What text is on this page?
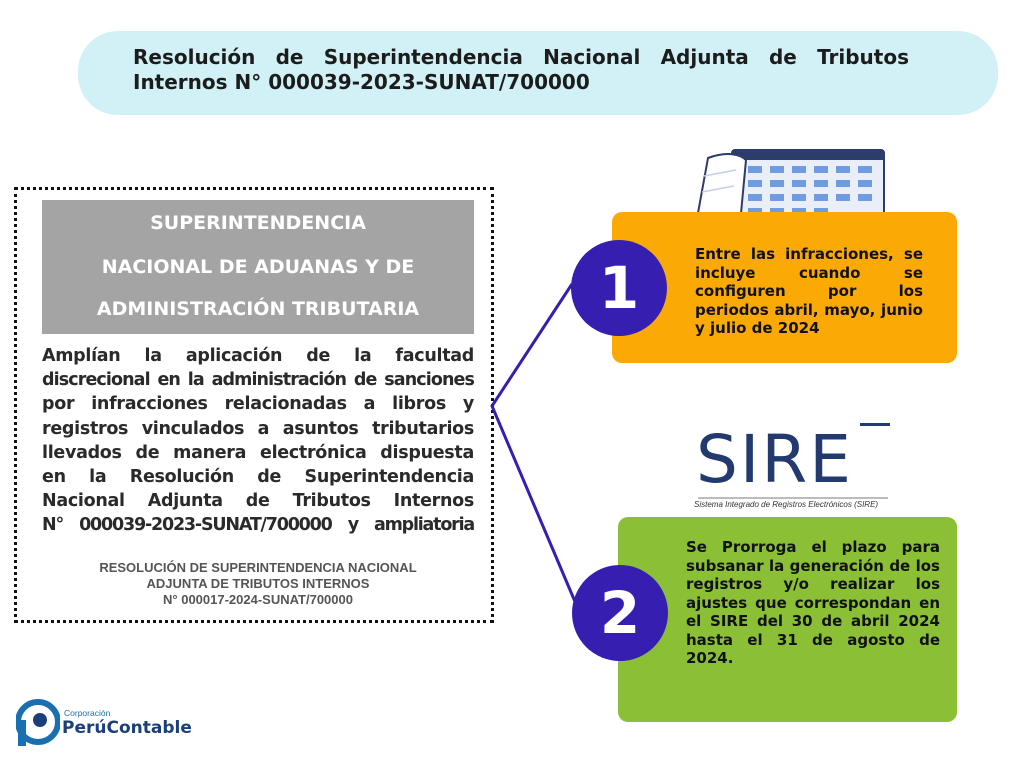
Resolución de Superintendencia Nacional Adjunta de Tributos Internos N° 000039-2023-SUNAT/700000
SUPERINTENDENCIA
NACIONAL DE ADUANAS Y DE
ADMINISTRACIÓN TRIBUTARIA
Amplían la aplicación de la facultad
discrecional en la administración de sanciones
por infracciones relacionadas a libros y
registros vinculados a asuntos tributarios
llevados de manera electrónica dispuesta
en la Resolución de Superintendencia
Nacional Adjunta de Tributos Internos
N° 000039-2023-SUNAT/700000 y ampliatoria
RESOLUCIÓN DE SUPERINTENDENCIA NACIONAL
ADJUNTA DE TRIBUTOS INTERNOS
N° 000017-2024-SUNAT/700000
1	Entre las infracciones, se incluye cuando se configuren por los periodos abril, mayo, junio y julio de 2024
SIRE
Sistema Integrado de Registros Electrónicos (SIRE)
2
Se Prorroga el plazo para subsanar la generación de los registros y/o realizar los ajustes que correspondan en el SIRE del 30 de abril 2024 hasta el 31 de agosto de 2024.
Corporación
PerúContable
